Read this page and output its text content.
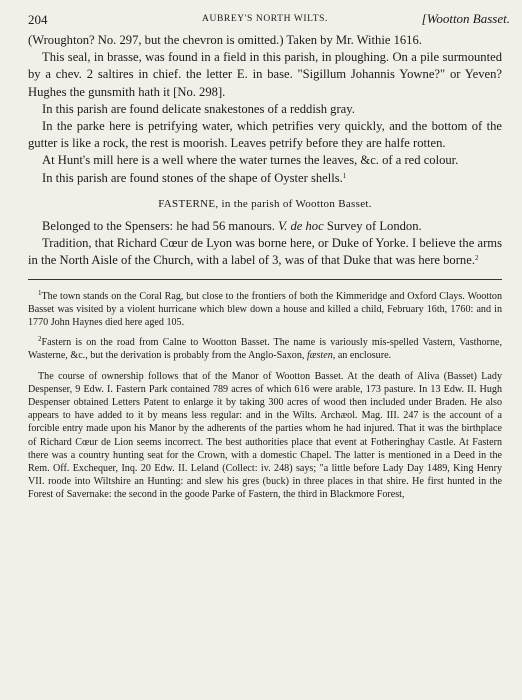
204	AUBREY'S NORTH WILTS.	[Wootton Basset.

(Wroughton? No. 297, but the chevron is omitted.) Taken by Mr. Withie 1616.

This seal, in brasse, was found in a field in this parish, in ploughing. On a pile surmounted by a chev. 2 saltires in chief. the letter E. in base. "Sigillum Johannis Yowne?" or Yeven? Hughes the gunsmith hath it [No. 298].

In this parish are found delicate snakestones of a reddish gray.

In the parke here is petrifying water, which petrifies very quickly, and the bottom of the gutter is like a rock, the rest is moorish. Leaves petrify before they are halfe rotten.

At Hunt's mill here is a well where the water turnes the leaves, &c. of a red colour.

In this parish are found stones of the shape of Oyster shells.$^1$

FASTERNE, in the parish of Wootton Basset.

Belonged to the Spensers: he had 56 manours. V. de hoc Survey of London.

Tradition, that Richard Cœur de Lyon was borne here, or Duke of Yorke. I believe the arms in the North Aisle of the Church, with a label of 3, was of that Duke that was here borne.$^2$

$^1$The town stands on the Coral Rag, but close to the frontiers of both the Kimmeridge and Oxford Clays. Wootton Basset was visited by a violent hurricane which blew down a house and killed a child, February 16th, 1760: and in 1770 John Haynes died here aged 105.

$^2$Fastern is on the road from Calne to Wootton Basset. The name is variously mis-spelled Vastern, Vasthorne, Wasterne, &c., but the derivation is probably from the Anglo-Saxon, fæsten, an enclosure.

The course of ownership follows that of the Manor of Wootton Basset. At the death of Aliva (Basset) Lady Despenser, 9 Edw. I. Fastern Park contained 789 acres of which 616 were arable, 173 pasture. In 13 Edw. II. Hugh Despenser obtained Letters Patent to enlarge it by taking 300 acres of wood then included under Braden. He also appears to have added to it by means less regular: and in the Wilts. Archæol. Mag. III. 247 is the account of a forcible entry made upon his Manor by the adherents of the parties whom he had injured. That it was the birthplace of Richard Cœur de Lion seems incorrect. The best authorities place that event at Fotheringhay Castle. At Fastern there was a country hunting seat for the Crown, with a domestic Chapel. The latter is mentioned in a Deed in the Rem. Off. Exchequer, Inq. 20 Edw. II. Leland (Collect: iv. 248) says; "a little before Lady Day 1489, King Henry VII. roode into Wiltshire an Hunting: and slew his gres (buck) in three places in that shire. He first hunted in the Forest of Savernake: the second in the goode Parke of Fastern, the third in Blackmore Forest,
